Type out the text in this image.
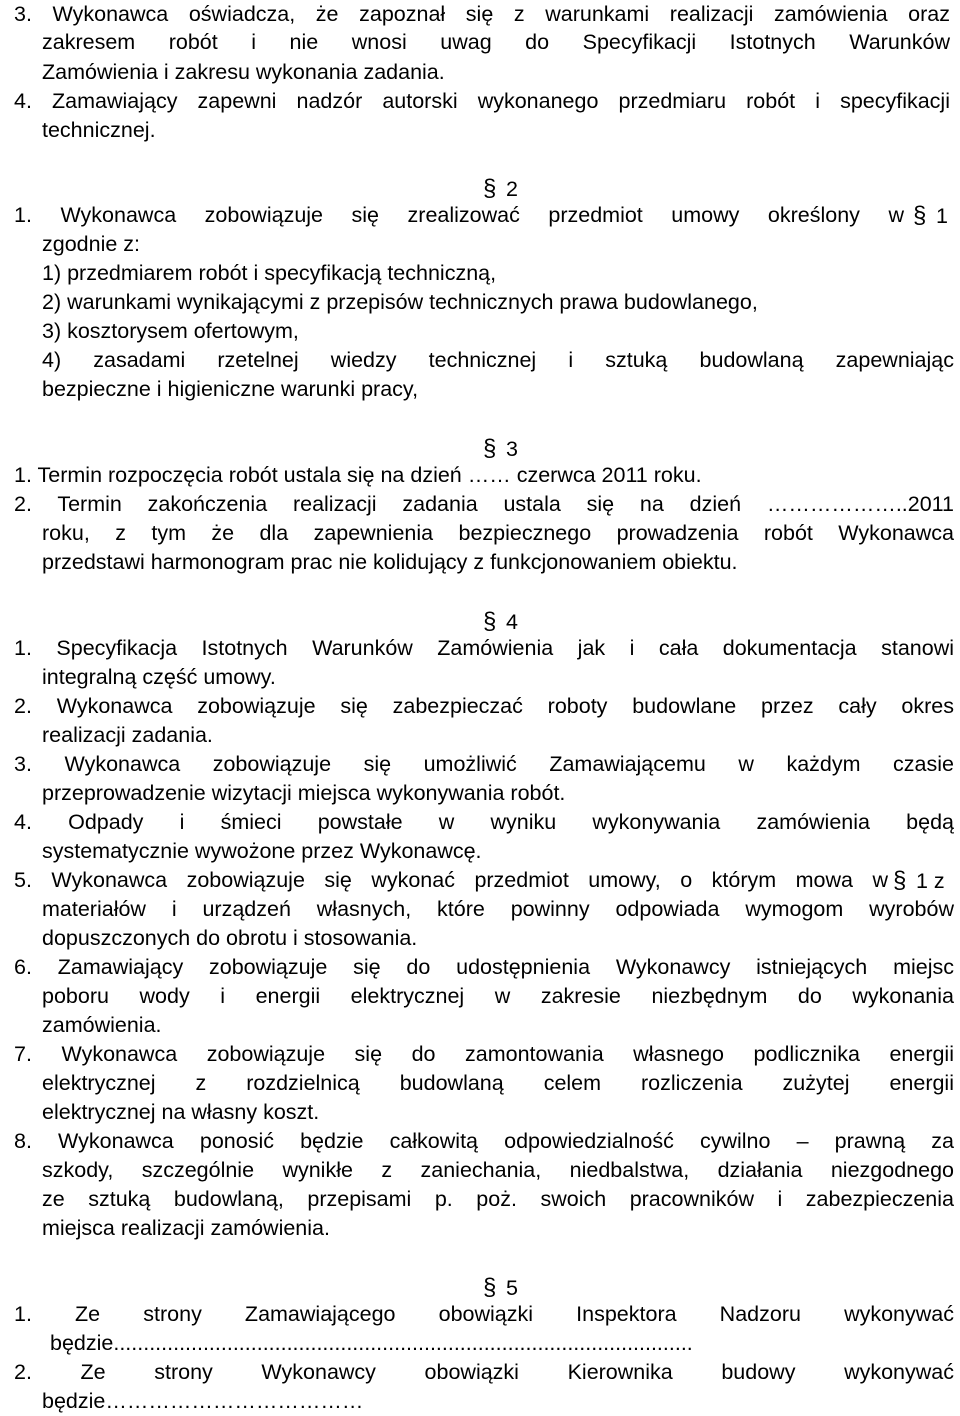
3. Wykonawca oświadcza, że zapoznał się z warunkami realizacji zamówienia oraz
zakresem robót i nie wnosi uwag do Specyfikacji Istotnych Warunków
Zamówienia i zakresu wykonania zadania.
4. Zamawiający zapewni nadzór autorski wykonanego przedmiaru robót i specyfikacji
technicznej.
§ 2
1. Wykonawca zobowiązuje się zrealizować przedmiot umowy określony w § 1
zgodnie z:
1) przedmiarem robót i specyfikacją techniczną,
2) warunkami wynikającymi z przepisów technicznych prawa budowlanego,
3) kosztorysem ofertowym,
4) zasadami rzetelnej wiedzy technicznej i sztuką budowlaną zapewniając
bezpieczne i higieniczne warunki pracy,
§ 3
1. Termin rozpoczęcia robót ustala się na dzień …… czerwca 2011 roku.
2. Termin zakończenia realizacji zadania ustala się na dzień ………………..2011
roku, z tym że dla zapewnienia bezpiecznego prowadzenia robót Wykonawca
przedstawi harmonogram prac nie kolidujący z funkcjonowaniem obiektu.
§ 4
1. Specyfikacja Istotnych Warunków Zamówienia jak i cała dokumentacja stanowi
integralną część umowy.
2. Wykonawca zobowiązuje się zabezpieczać roboty budowlane przez cały okres
realizacji zadania.
3. Wykonawca zobowiązuje się umożliwić Zamawiającemu w każdym czasie
przeprowadzenie wizytacji miejsca wykonywania robót.
4. Odpady i śmieci powstałe w wyniku wykonywania zamówienia będą
systematycznie wywożone przez Wykonawcę.
5. Wykonawca zobowiązuje się wykonać przedmiot umowy, o którym mowa w § 1 z
materiałów i urządzeń własnych, które powinny odpowiada wymogom wyrobów
dopuszczonych do obrotu i stosowania.
6. Zamawiający zobowiązuje się do udostępnienia Wykonawcy istniejących miejsc
poboru wody i energii elektrycznej w zakresie niezbędnym do wykonania
zamówienia.
7. Wykonawca zobowiązuje się do zamontowania własnego podlicznika energii
elektrycznej z rozdzielnicą budowlaną celem rozliczenia zużytej energii
elektrycznej na własny koszt.
8. Wykonawca ponosić będzie całkowitą odpowiedzialność cywilno – prawną za
szkody, szczególnie wynikłe z zaniechania, niedbalstwa, działania niezgodnego
ze sztuką budowlaną, przepisami p. poż. swoich pracowników i zabezpieczenia
miejsca realizacji zamówienia.
§ 5
1. Ze strony Zamawiającego obowiązki Inspektora Nadzoru wykonywać
będzie.................................................................................................
2. Ze strony Wykonawcy obowiązki Kierownika budowy wykonywać
będzie………………………………
